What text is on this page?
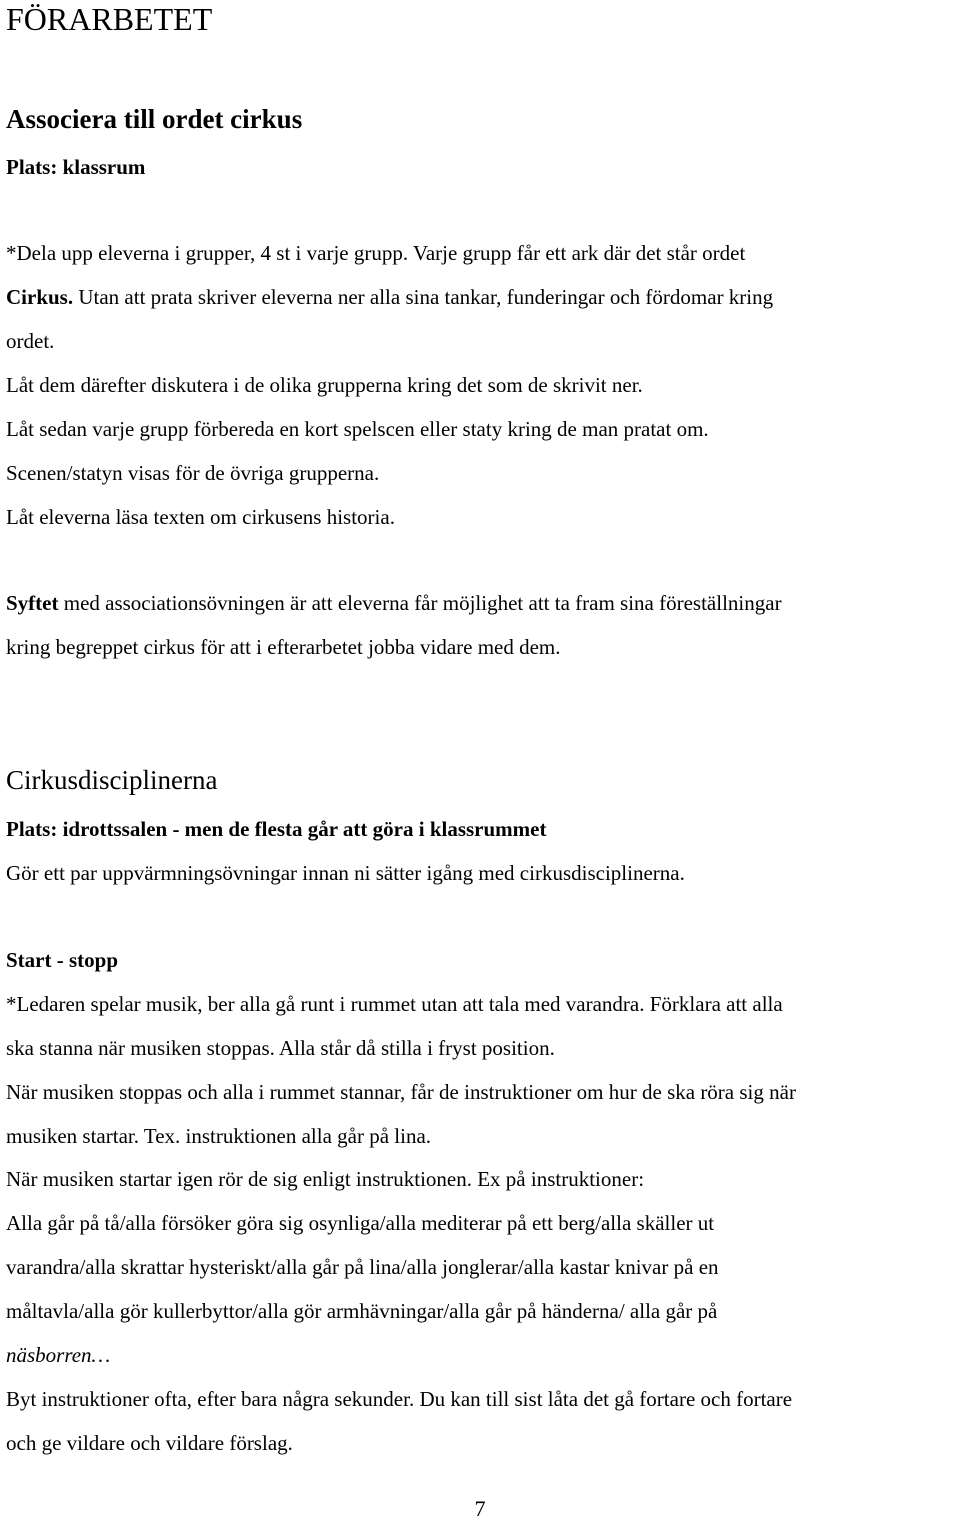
FÖRARBETET
Associera till ordet cirkus
Plats: klassrum
*Dela upp eleverna i grupper, 4 st i varje grupp. Varje grupp får ett ark där det står ordet
Cirkus. Utan att prata skriver eleverna ner alla sina tankar, funderingar och fördomar kring
ordet.
Låt dem därefter diskutera i de olika grupperna kring det som de skrivit ner.
Låt sedan varje grupp förbereda en kort spelscen eller staty kring de man pratat om.
Scenen/statyn visas för de övriga grupperna.
Låt eleverna läsa texten om cirkusens historia.
Syftet med associationsövningen är att eleverna får möjlighet att ta fram sina föreställningar
kring begreppet cirkus för att i efterarbetet jobba vidare med dem.
Cirkusdisciplinerna
Plats: idrottssalen - men de flesta går att göra i klassrummet
Gör ett par uppvärmningsövningar innan ni sätter igång med cirkusdisciplinerna.
Start - stopp
*Ledaren spelar musik, ber alla gå runt i rummet utan att tala med varandra. Förklara att alla
ska stanna när musiken stoppas. Alla står då stilla i fryst position.
När musiken stoppas och alla i rummet stannar, får de instruktioner om hur de ska röra sig när
musiken startar. Tex. instruktionen alla går på lina.
När musiken startar igen rör de sig enligt instruktionen. Ex på instruktioner:
Alla går på tå/alla försöker göra sig osynliga/alla mediterar på ett berg/alla skäller ut
varandra/alla skrattar hysteriskt/alla går på lina/alla jonglerar/alla kastar knivar på en
måltavla/alla gör kullerbyttor/alla gör armhävningar/alla går på händerna/ alla går på
näsborren…
Byt instruktioner ofta, efter bara några sekunder. Du kan till sist låta det gå fortare och fortare
och ge vildare och vildare förslag.
7
